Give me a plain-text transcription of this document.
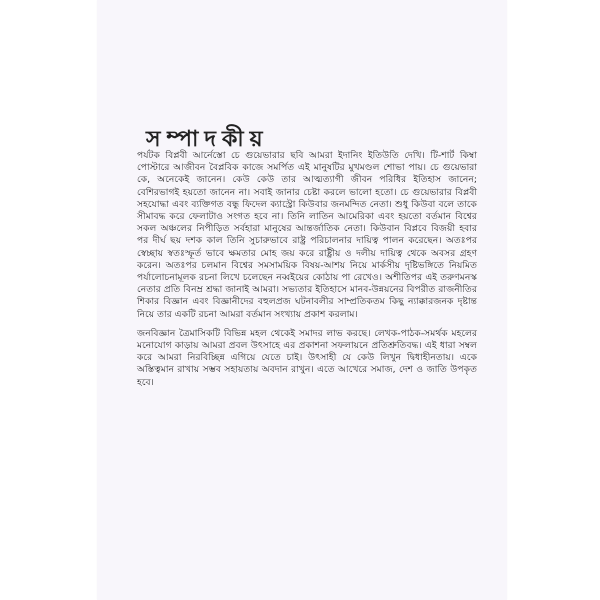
সম্পাদকীয়

পর্যটক বিপ্লবী আর্নেস্তো চে গুয়েভারার ছবি আমরা ইদানিং ইতিউতি দেখি। টি-শার্ট কিম্বা পোস্টারে আজীবন বৈপ্লবিক কাজে সমর্পিত এই মানুষটির মুখমণ্ডল শোভা পায়। চে গুয়েভারা কে, অনেকেই জানেন। কেউ কেউ তার আত্মত্যাগী জীবন পরিধির ইতিহাস জানেন; বেশিরভাগই হয়তো জানেন না। সবাই জানার চেষ্টা করলে ভালো হতো। চে গুয়েভারার বিপ্লবী সহযোদ্ধা এবং ব্যক্তিগত বন্ধু ফিদেল ক্যাস্ট্রো কিউবার জনমন্দিত নেতা। শুধু কিউবা বলে তাকে সীমাবদ্ধ করে ফেলাটাও সংগত হবে না। তিনি লাতিন আমেরিকা এবং হয়তো বর্তমান বিশ্বের সকল অঞ্চলের নিপীড়িত সর্বহারা মানুষের আন্তর্জাতিক নেতা। কিউবান বিপ্লবে বিজয়ী হবার পর দীর্ঘ ছয় দশক কাল তিনি সুচারুভাবে রাষ্ট্র পরিচালনার দায়িত্ব পালন করেছেন। অতঃপর স্বেচ্ছায় স্বতঃস্ফূর্ত ভাবে ক্ষমতার মোহ জয় করে রাষ্ট্রীয় ও দলীয় দায়িত্ব থেকে অবসর গ্রহণ করেন। অতঃপর চলমান বিশ্বের সমসাময়িক বিষয়-আশয় নিয়ে মার্কসীয় দৃষ্টিভঙ্গিতে নিয়মিত পর্যালোচনামূলক রচনা লিখে চলেছেন নব্বইয়ের কোঠায় পা রেখেও। অশীতিপর এই তরুণমনস্ক নেতার প্রতি বিনম্র শ্রদ্ধা জানাই আমরা। সভ্যতার ইতিহাসে মানব-উন্নয়নের বিপরীত রাজনীতির শিকার বিজ্ঞান এবং বিজ্ঞানীদের বহুলপ্রজ ঘটনাবলীর সাম্প্রতিকতম কিছু ন্যাক্কারজনক দৃষ্টান্ত নিয়ে তার একটি রচনা আমরা বর্তমান সংখ্যায় প্রকাশ করলাম।

জনবিজ্ঞান ত্রৈমাসিকটি বিভিন্ন মহল থেকেই সমাদর লাভ করছে। লেখক-পাঠক-সমর্থক মহলের মনোযোগ কাড়ায় আমরা প্রবল উৎসাহে এর প্রকাশনা সফলায়নে প্রতিশ্রুতিবদ্ধ। এই ধারা সম্বল করে আমরা নিরবিচ্ছিন্ন এগিয়ে যেতে চাই। উৎসাহী যে কেউ লিখুন দ্বিধাহীনতায়। একে অস্তিত্বমান রাখায় সম্ভব সহায়তায় অবদান রাখুন। এতে আখেরে সমাজ, দেশ ও জাতি উপকৃত হবে।
